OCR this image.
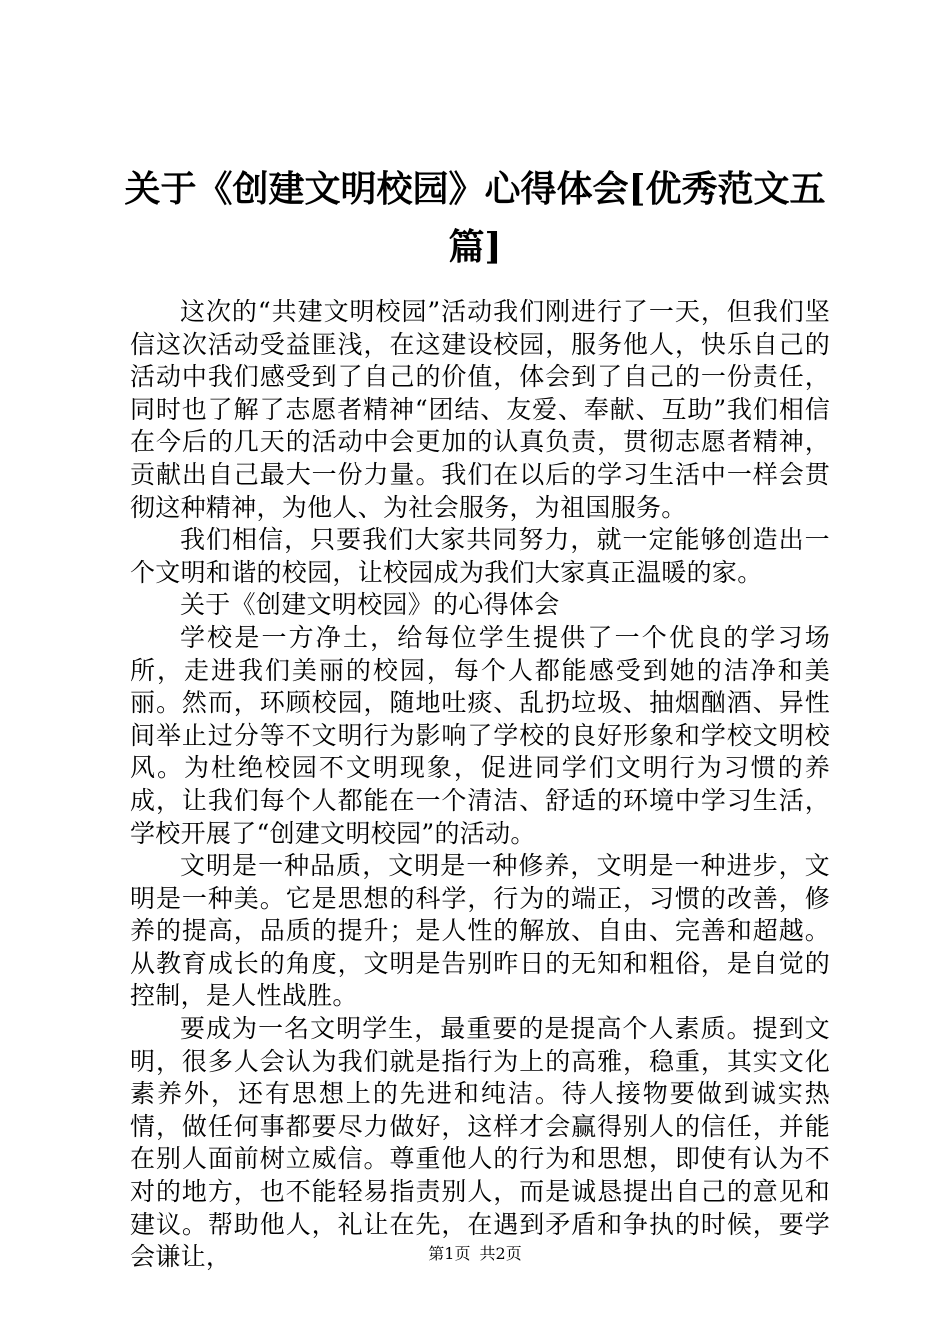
关于《创建文明校园》心得体会[优秀范文五篇]

这次的“共建文明校园”活动我们刚进行了一天，但我们坚信这次活动受益匪浅，在这建设校园，服务他人，快乐自己的活动中我们感受到了自己的价值，体会到了自己的一份责任，同时也了解了志愿者精神“团结、友爱、奉献、互助”我们相信在今后的几天的活动中会更加的认真负责，贯彻志愿者精神，贡献出自己最大一份力量。我们在以后的学习生活中一样会贯彻这种精神，为他人、为社会服务，为祖国服务。

我们相信，只要我们大家共同努力，就一定能够创造出一个文明和谐的校园，让校园成为我们大家真正温暖的家。

关于《创建文明校园》的心得体会

学校是一方净土，给每位学生提供了一个优良的学习场所，走进我们美丽的校园，每个人都能感受到她的洁净和美丽。然而，环顾校园，随地吐痰、乱扔垃圾、抽烟酗酒、异性间举止过分等不文明行为影响了学校的良好形象和学校文明校风。为杜绝校园不文明现象，促进同学们文明行为习惯的养成，让我们每个人都能在一个清洁、舒适的环境中学习生活，学校开展了“创建文明校园”的活动。

文明是一种品质，文明是一种修养，文明是一种进步，文明是一种美。它是思想的科学，行为的端正，习惯的改善，修养的提高，品质的提升；是人性的解放、自由、完善和超越。从教育成长的角度，文明是告别昨日的无知和粗俗，是自觉的控制，是人性战胜。

要成为一名文明学生，最重要的是提高个人素质。提到文明，很多人会认为我们就是指行为上的高雅，稳重，其实文化素养外，还有思想上的先进和纯洁。待人接物要做到诚实热情，做任何事都要尽力做好，这样才会赢得别人的信任，并能在别人面前树立威信。尊重他人的行为和思想，即使有认为不对的地方，也不能轻易指责别人，而是诚恳提出自己的意见和建议。帮助他人，礼让在先，在遇到矛盾和争执的时候，要学会谦让，	第1页 共2页
